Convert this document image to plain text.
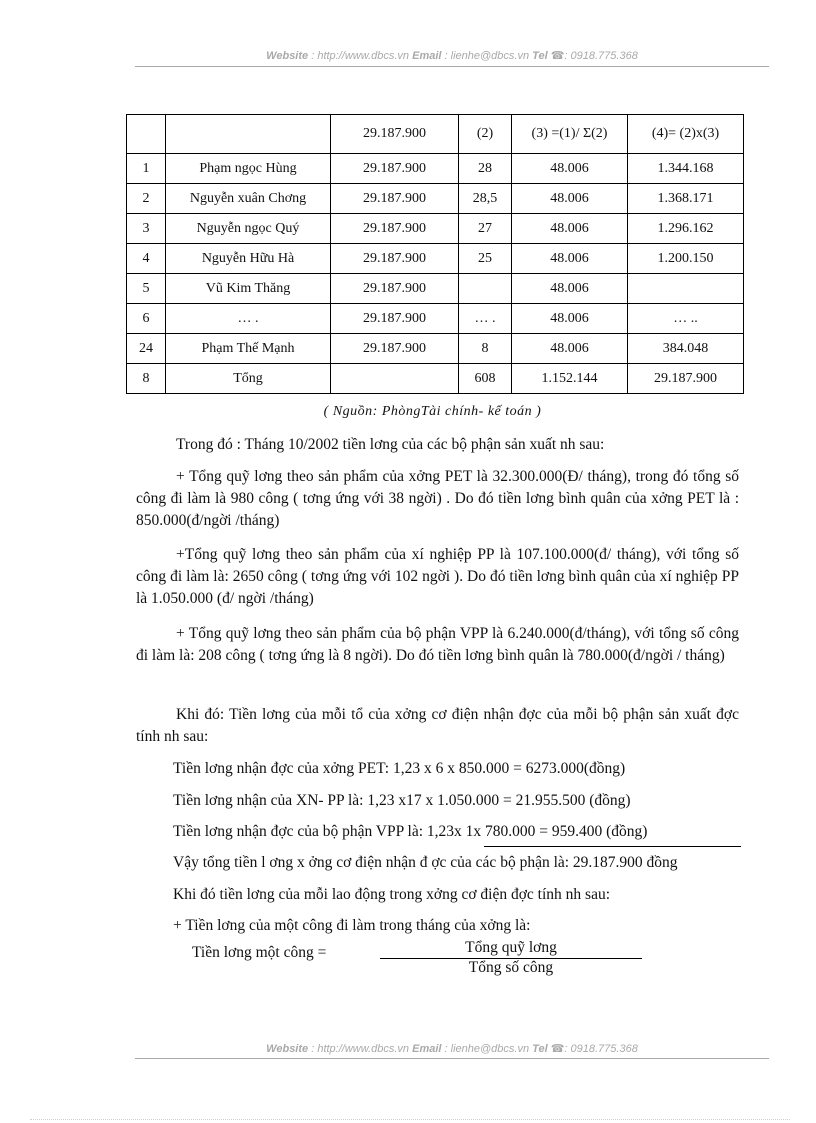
Website : http://www.dbcs.vn Email : lienhe@dbcs.vn Tel ☎: 0918.775.368
		29.187.900	(2)	(3) =(1)/ Σ(2)	(4)= (2)x(3)
1	Phạm ngọc Hùng	29.187.900	28	48.006	1.344.168
2	Nguyễn xuân Chơng	29.187.900	28,5	48.006	1.368.171
3	Nguyễn ngọc Quý	29.187.900	27	48.006	1.296.162
4	Nguyễn Hữu Hà	29.187.900	25	48.006	1.200.150
5	Vũ Kim Thăng	29.187.900		48.006	
6	… .	29.187.900	… .	48.006	… ..
24	Phạm Thế Mạnh	29.187.900	8	48.006	384.048
8	Tổng		608	1.152.144	29.187.900
( Nguồn: PhòngTài chính- kế toán )
Trong đó : Tháng 10/2002 tiền lơng của các bộ phận sản xuất nh sau:
+ Tổng quỹ lơng theo sản phẩm của xởng PET là 32.300.000(Đ/ tháng), trong đó tổng số công đi làm là 980 công ( tơng ứng với 38 ngời) . Do đó tiền lơng bình quân của xởng PET là : 850.000(đ/ngời /tháng)
+Tổng quỹ lơng theo sản phẩm của xí nghiệp PP là 107.100.000(đ/ tháng), với tổng số công đi làm là: 2650 công ( tơng ứng với 102 ngời ). Do đó tiền lơng bình quân của xí nghiệp PP là 1.050.000 (đ/ ngời /tháng)
+ Tổng quỹ lơng theo sản phẩm của bộ phận VPP là 6.240.000(đ/tháng), với tổng số công đi làm là: 208 công ( tơng ứng là 8 ngời). Do đó tiền lơng bình quân là 780.000(đ/ngời / tháng)
Khi đó: Tiền lơng của mỗi tổ của xởng cơ điện nhận đợc của mỗi bộ phận sản xuất đợc tính nh sau:
Tiền lơng nhận đợc của xởng PET: 1,23 x 6 x 850.000 = 6273.000(đồng)
Tiền lơng nhận của XN- PP là: 1,23 x17 x 1.050.000 = 21.955.500 (đồng)
Tiền lơng nhận đợc của bộ phận VPP là: 1,23x 1x 780.000 = 959.400 (đồng)
Vậy tổng tiền l ơng x ởng cơ điện nhận đ ợc của các bộ phận là: 29.187.900 đồng
Khi đó tiền lơng của mỗi lao động trong xởng cơ điện đợc tính nh sau:
+ Tiền lơng của một công đi làm trong tháng của xởng là:
Tiền lơng một công =	Tổng quỹ lơng
Tổng số công
Website : http://www.dbcs.vn Email : lienhe@dbcs.vn Tel ☎: 0918.775.368
